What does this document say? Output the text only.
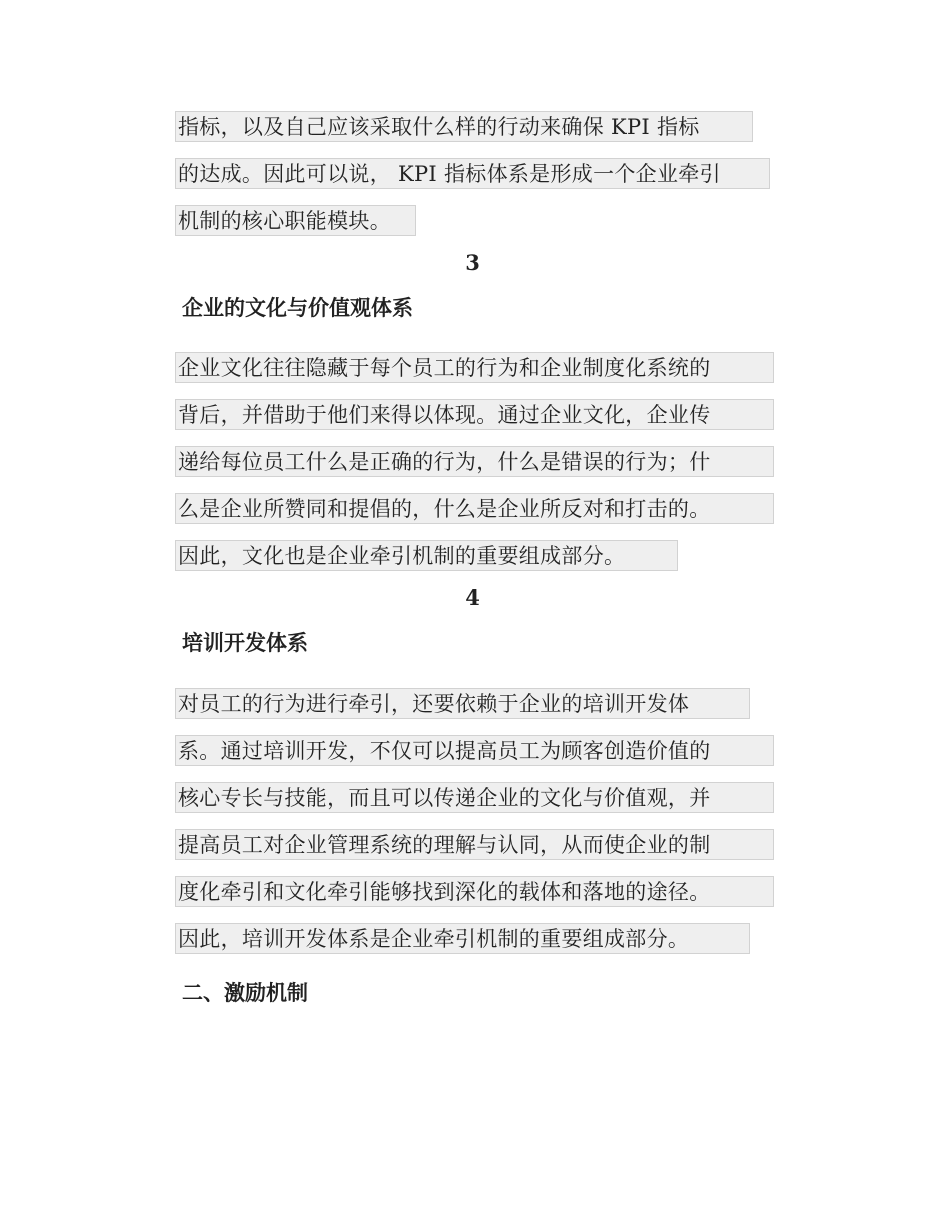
指标，以及自己应该采取什么样的行动来确保 KPI 指标
的达成。因此可以说， KPI 指标体系是形成一个企业牵引
机制的核心职能模块。
3
企业的文化与价值观体系
企业文化往往隐藏于每个员工的行为和企业制度化系统的
背后，并借助于他们来得以体现。通过企业文化，企业传
递给每位员工什么是正确的行为，什么是错误的行为；什
么是企业所赞同和提倡的，什么是企业所反对和打击的。
因此，文化也是企业牵引机制的重要组成部分。
4
培训开发体系
对员工的行为进行牵引，还要依赖于企业的培训开发体
系。通过培训开发，不仅可以提高员工为顾客创造价值的
核心专长与技能，而且可以传递企业的文化与价值观，并
提高员工对企业管理系统的理解与认同，从而使企业的制
度化牵引和文化牵引能够找到深化的载体和落地的途径。
因此，培训开发体系是企业牵引机制的重要组成部分。
二、激励机制
